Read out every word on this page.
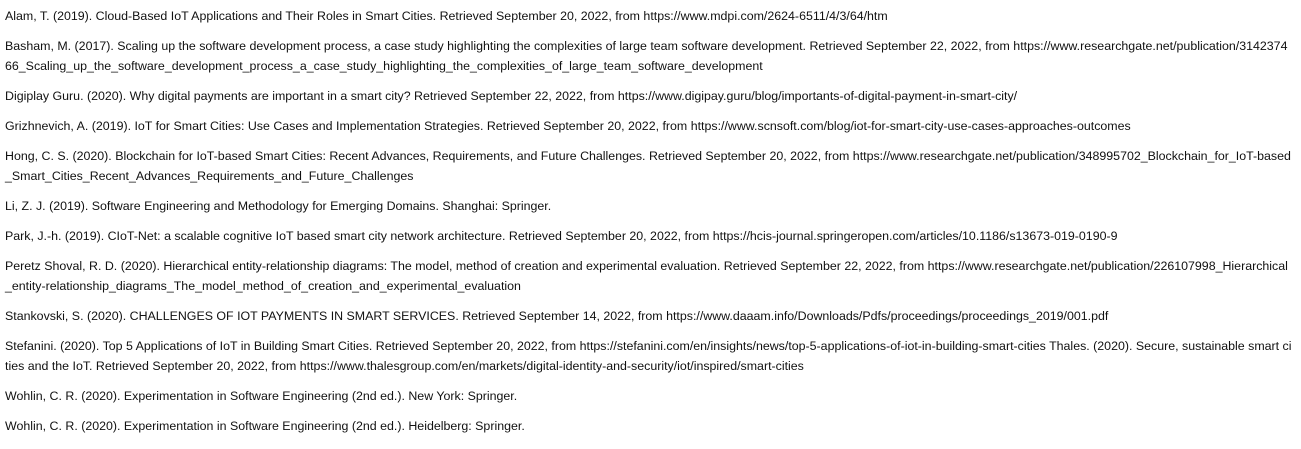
Alam, T. (2019). Cloud-Based IoT Applications and Their Roles in Smart Cities. Retrieved September 20, 2022, from https://www.mdpi.com/2624-6511/4/3/64/htm

Basham, M. (2017). Scaling up the software development process, a case study highlighting the complexities of large team software development. Retrieved September 22, 2022, from https://www.researchgate.net/publication/314237466_Scaling_up_the_software_development_process_a_case_study_highlighting_the_complexities_of_large_team_software_development

Digiplay Guru. (2020). Why digital payments are important in a smart city? Retrieved September 22, 2022, from https://www.digipay.guru/blog/importants-of-digital-payment-in-smart-city/

Grizhnevich, A. (2019). IoT for Smart Cities: Use Cases and Implementation Strategies. Retrieved September 20, 2022, from https://www.scnsoft.com/blog/iot-for-smart-city-use-cases-approaches-outcomes

Hong, C. S. (2020). Blockchain for IoT-based Smart Cities: Recent Advances, Requirements, and Future Challenges. Retrieved September 20, 2022, from https://www.researchgate.net/publication/348995702_Blockchain_for_IoT-based_Smart_Cities_Recent_Advances_Requirements_and_Future_Challenges

Li, Z. J. (2019). Software Engineering and Methodology for Emerging Domains. Shanghai: Springer.

Park, J.-h. (2019). CIoT-Net: a scalable cognitive IoT based smart city network architecture. Retrieved September 20, 2022, from https://hcis-journal.springeropen.com/articles/10.1186/s13673-019-0190-9

Peretz Shoval, R. D. (2020). Hierarchical entity-relationship diagrams: The model, method of creation and experimental evaluation. Retrieved September 22, 2022, from https://www.researchgate.net/publication/226107998_Hierarchical_entity-relationship_diagrams_The_model_method_of_creation_and_experimental_evaluation

Stankovski, S. (2020). CHALLENGES OF IOT PAYMENTS IN SMART SERVICES. Retrieved September 14, 2022, from https://www.daaam.info/Downloads/Pdfs/proceedings/proceedings_2019/001.pdf

Stefanini. (2020). Top 5 Applications of IoT in Building Smart Cities. Retrieved September 20, 2022, from https://stefanini.com/en/insights/news/top-5-applications-of-iot-in-building-smart-cities Thales. (2020). Secure, sustainable smart cities and the IoT. Retrieved September 20, 2022, from https://www.thalesgroup.com/en/markets/digital-identity-and-security/iot/inspired/smart-cities

Wohlin, C. R. (2020). Experimentation in Software Engineering (2nd ed.). New York: Springer.

Wohlin, C. R. (2020). Experimentation in Software Engineering (2nd ed.). Heidelberg: Springer.
